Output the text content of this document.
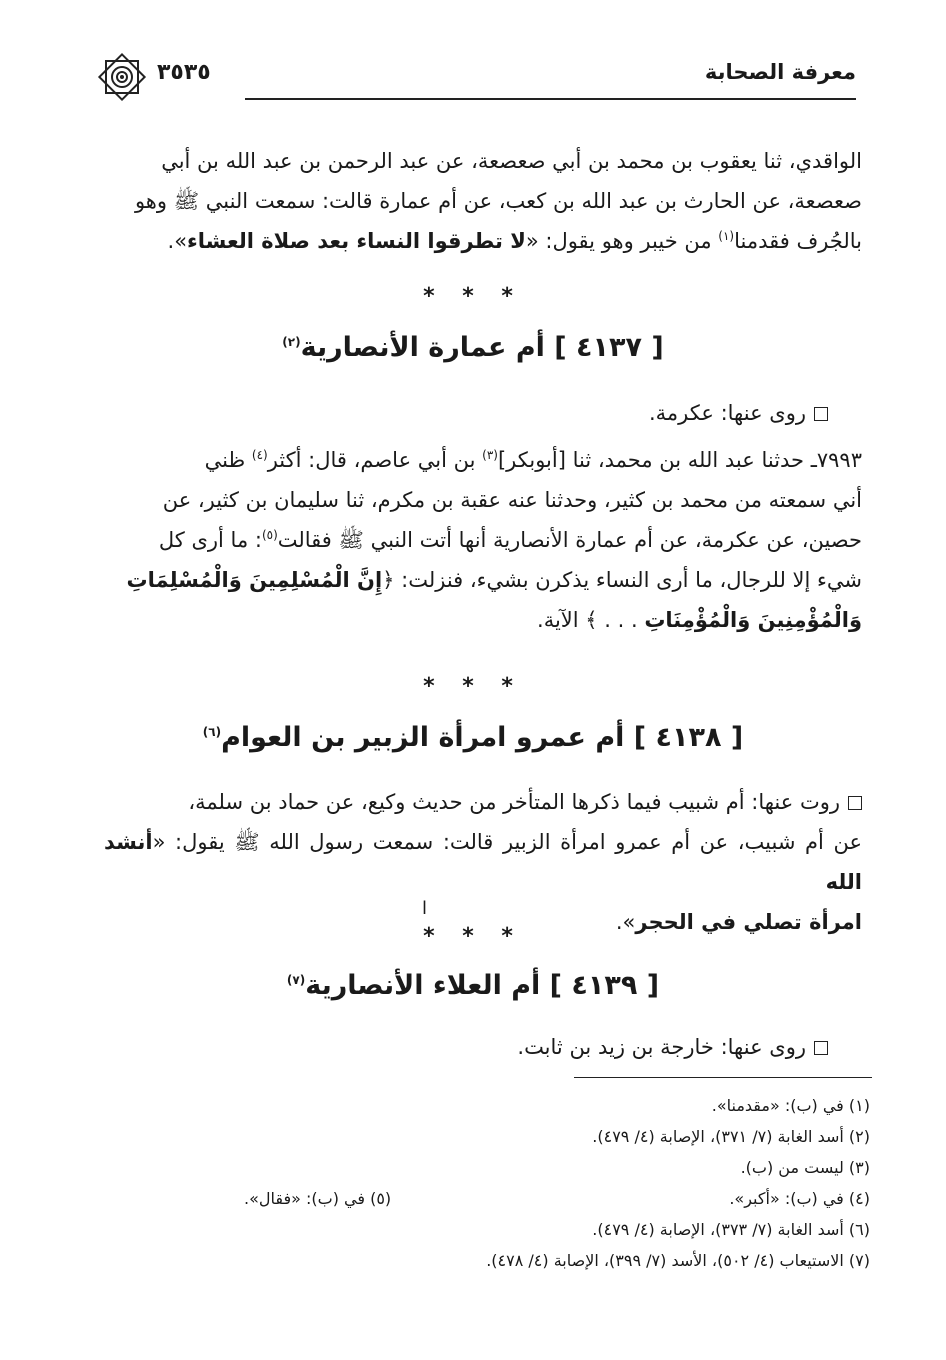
٣٥٣٥	معرفة الصحابة
الواقدي، ثنا يعقوب بن محمد بن أبي صعصعة، عن عبد الرحمن بن عبد الله بن أبي
صعصعة، عن الحارث بن عبد الله بن كعب، عن أم عمارة قالت: سمعت النبي ﷺ وهو
بالجُرف فقدمنا$^{(١)}$ من خيبر وهو يقول: «لا تطرقوا النساء بعد صلاة العشاء».
* * *
[ ٤١٣٧ ] أم عمارة الأنصارية$^{(٢)}$
روى عنها: عكرمة.
٧٩٩٣ـ حدثنا عبد الله بن محمد، ثنا [أبوبكر]$^{(٣)}$ بن أبي عاصم، قال: أكثر$^{(٤)}$ ظني
أني سمعته من محمد بن كثير، وحدثنا عنه عقبة بن مكرم، ثنا سليمان بن كثير، عن
حصين، عن عكرمة، عن أم عمارة الأنصارية أنها أتت النبي ﷺ فقالت$^{(٥)}$: ما أرى كل
شيء إلا للرجال، ما أرى النساء يذكرن بشيء، فنزلت: ﴿إِنَّ الْمُسْلِمِينَ وَالْمُسْلِمَاتِ
وَالْمُؤْمِنِينَ وَالْمُؤْمِنَاتِ . . . ﴾ الآية.
* * *
[ ٤١٣٨ ] أم عمرو امرأة الزبير بن العوام$^{(٦)}$
روت عنها: أم شبيب فيما ذكرها المتأخر من حديث وكيع، عن حماد بن سلمة،
عن أم شبيب، عن أم عمرو امرأة الزبير قالت: سمعت رسول الله ﷺ يقول: «أنشد الله
امرأة تصلي في الحجر».
ا
* * *
[ ٤١٣٩ ] أم العلاء الأنصارية$^{(٧)}$
روى عنها: خارجة بن زيد بن ثابت.
(١) في (ب): «مقدمنا».
(٢) أسد الغابة (٧/ ٣٧١)، الإصابة (٤/ ٤٧٩).
(٣) ليست من (ب).
(٤) في (ب): «أكبر».
(٥) في (ب): «فقال».
(٦) أسد الغابة (٧/ ٣٧٣)، الإصابة (٤/ ٤٧٩).
(٧) الاستيعاب (٤/ ٥٠٢)، الأسد (٧/ ٣٩٩)، الإصابة (٤/ ٤٧٨).
